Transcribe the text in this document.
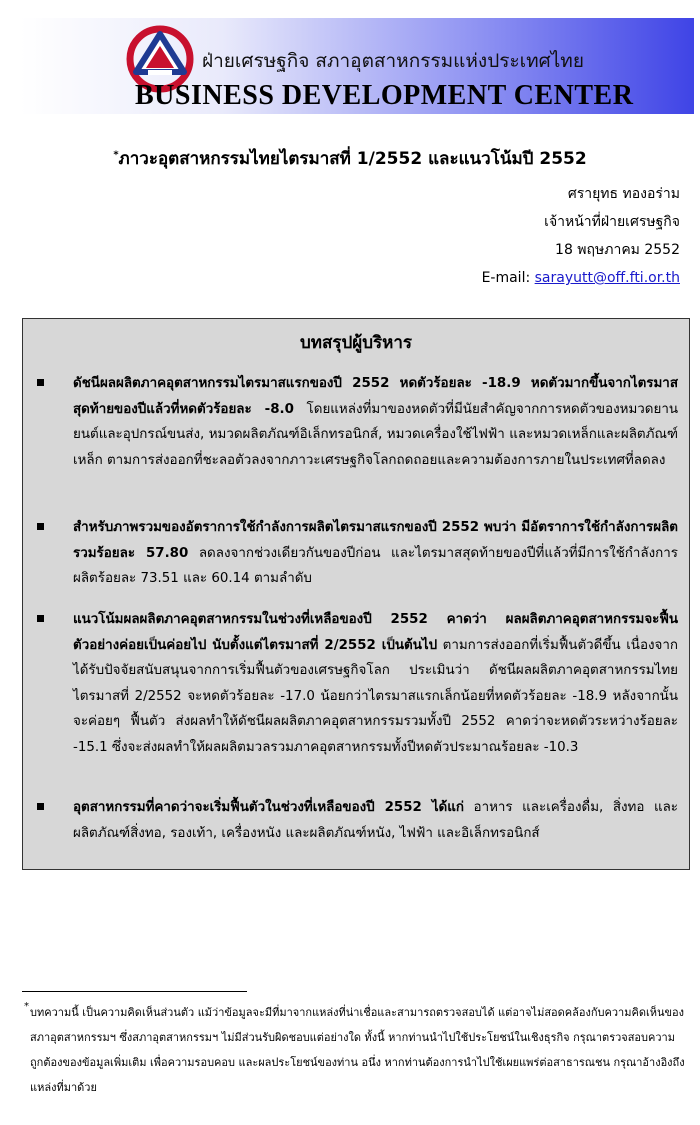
ฝ่ายเศรษฐกิจ สภาอุตสาหกรรมแห่งประเทศไทย
BUSINESS DEVELOPMENT CENTER
*ภาวะอุตสาหกรรมไทยไตรมาสที่ 1/2552 และแนวโน้มปี 2552
ศรายุทธ ทองอร่าม
เจ้าหน้าที่ฝ่ายเศรษฐกิจ
18 พฤษภาคม 2552
E-mail: sarayutt@off.fti.or.th
บทสรุปผู้บริหาร
ดัชนีผลผลิตภาคอุตสาหกรรมไตรมาสแรกของปี 2552 หดตัวร้อยละ -18.9 หดตัวมากขึ้นจากไตรมาสสุดท้ายของปีแล้วที่หดตัวร้อยละ -8.0 โดยแหล่งที่มาของหดตัวที่มีนัยสำคัญจากการหดตัวของหมวดยานยนต์และอุปกรณ์ขนส่ง, หมวดผลิตภัณฑ์อิเล็กทรอนิกส์, หมวดเครื่องใช้ไฟฟ้า และหมวดเหล็กและผลิตภัณฑ์เหล็ก ตามการส่งออกที่ชะลอตัวลงจากภาวะเศรษฐกิจโลกถดถอยและความต้องการภายในประเทศที่ลดลง
สำหรับภาพรวมของอัตราการใช้กำลังการผลิตไตรมาสแรกของปี 2552 พบว่า มีอัตราการใช้กำลังการผลิตรวมร้อยละ 57.80 ลดลงจากช่วงเดียวกันของปีก่อน และไตรมาสสุดท้ายของปีที่แล้วที่มีการใช้กำลังการผลิตร้อยละ 73.51 และ 60.14 ตามลำดับ
แนวโน้มผลผลิตภาคอุตสาหกรรมในช่วงที่เหลือของปี 2552 คาดว่า ผลผลิตภาคอุตสาหกรรมจะฟื้นตัวอย่างค่อยเป็นค่อยไป นับตั้งแต่ไตรมาสที่ 2/2552 เป็นต้นไป ตามการส่งออกที่เริ่มฟื้นตัวดีขึ้น เนื่องจากได้รับปัจจัยสนับสนุนจากการเริ่มฟื้นตัวของเศรษฐกิจโลก ประเมินว่า ดัชนีผลผลิตภาคอุตสาหกรรมไทยไตรมาสที่ 2/2552 จะหดตัวร้อยละ -17.0 น้อยกว่าไตรมาสแรกเล็กน้อยที่หดตัวร้อยละ -18.9 หลังจากนั้น จะค่อยๆ ฟื้นตัว ส่งผลทำให้ดัชนีผลผลิตภาคอุตสาหกรรมรวมทั้งปี 2552 คาดว่าจะหดตัวระหว่างร้อยละ -15.1 ซึ่งจะส่งผลทำให้ผลผลิตมวลรวมภาคอุตสาหกรรมทั้งปีหดตัวประมาณร้อยละ -10.3
อุตสาหกรรมที่คาดว่าจะเริ่มฟื้นตัวในช่วงที่เหลือของปี 2552 ได้แก่ อาหาร และเครื่องดื่ม, สิ่งทอ และผลิตภัณฑ์สิ่งทอ, รองเท้า, เครื่องหนัง และผลิตภัณฑ์หนัง, ไฟฟ้า และอิเล็กทรอนิกส์
* บทความนี้ เป็นความคิดเห็นส่วนตัว แม้ว่าข้อมูลจะมีที่มาจากแหล่งที่น่าเชื่อและสามารถตรวจสอบได้ แต่อาจไม่สอดคล้องกับความคิดเห็นของสภาอุตสาหกรรมฯ ซึ่งสภาอุตสาหกรรมฯ ไม่มีส่วนรับผิดชอบแต่อย่างใด ทั้งนี้ หากท่านนำไปใช้ประโยชน์ในเชิงธุรกิจ กรุณาตรวจสอบความถูกต้องของข้อมูลเพิ่มเติม เพื่อความรอบคอบ และผลประโยชน์ของท่าน อนึ่ง หากท่านต้องการนำไปใช้เผยแพร่ต่อสาธารณชน กรุณาอ้างอิงถึงแหล่งที่มาด้วย
